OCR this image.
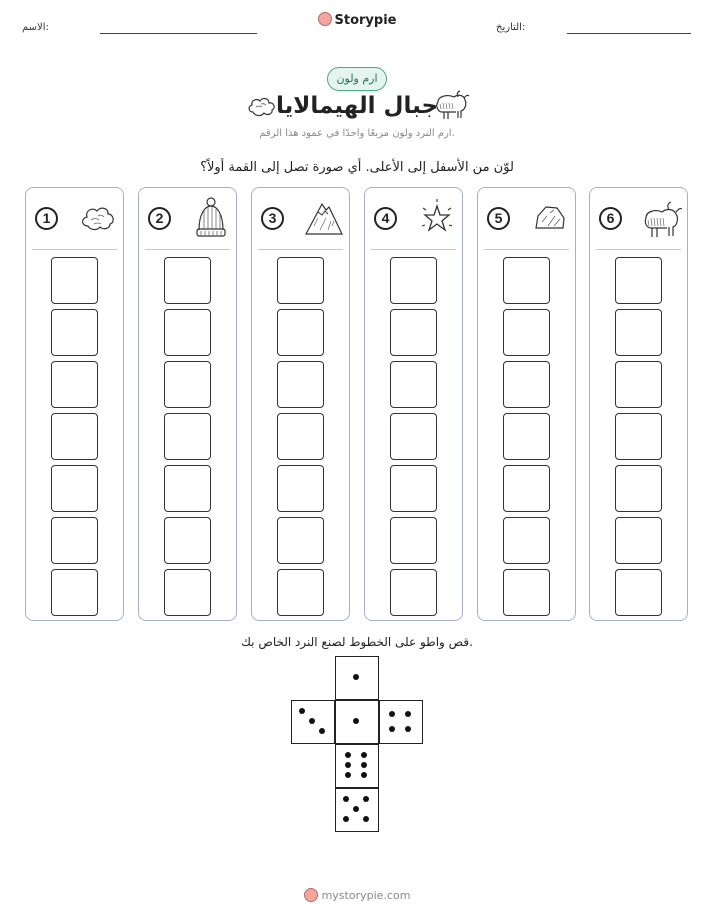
الاسم:	Storypie	التاريخ:
ارم ولون
جبال الهيمالايا
ارم النرد ولون مربعًا واحدًا في عمود هذا الرقم.
لوّن من الأسفل إلى الأعلى. أي صورة تصل إلى القمة أولاً؟
1	2	3	4	5	6
قص واطو على الخطوط لصنع النرد الخاص بك.
mystorypie.com
